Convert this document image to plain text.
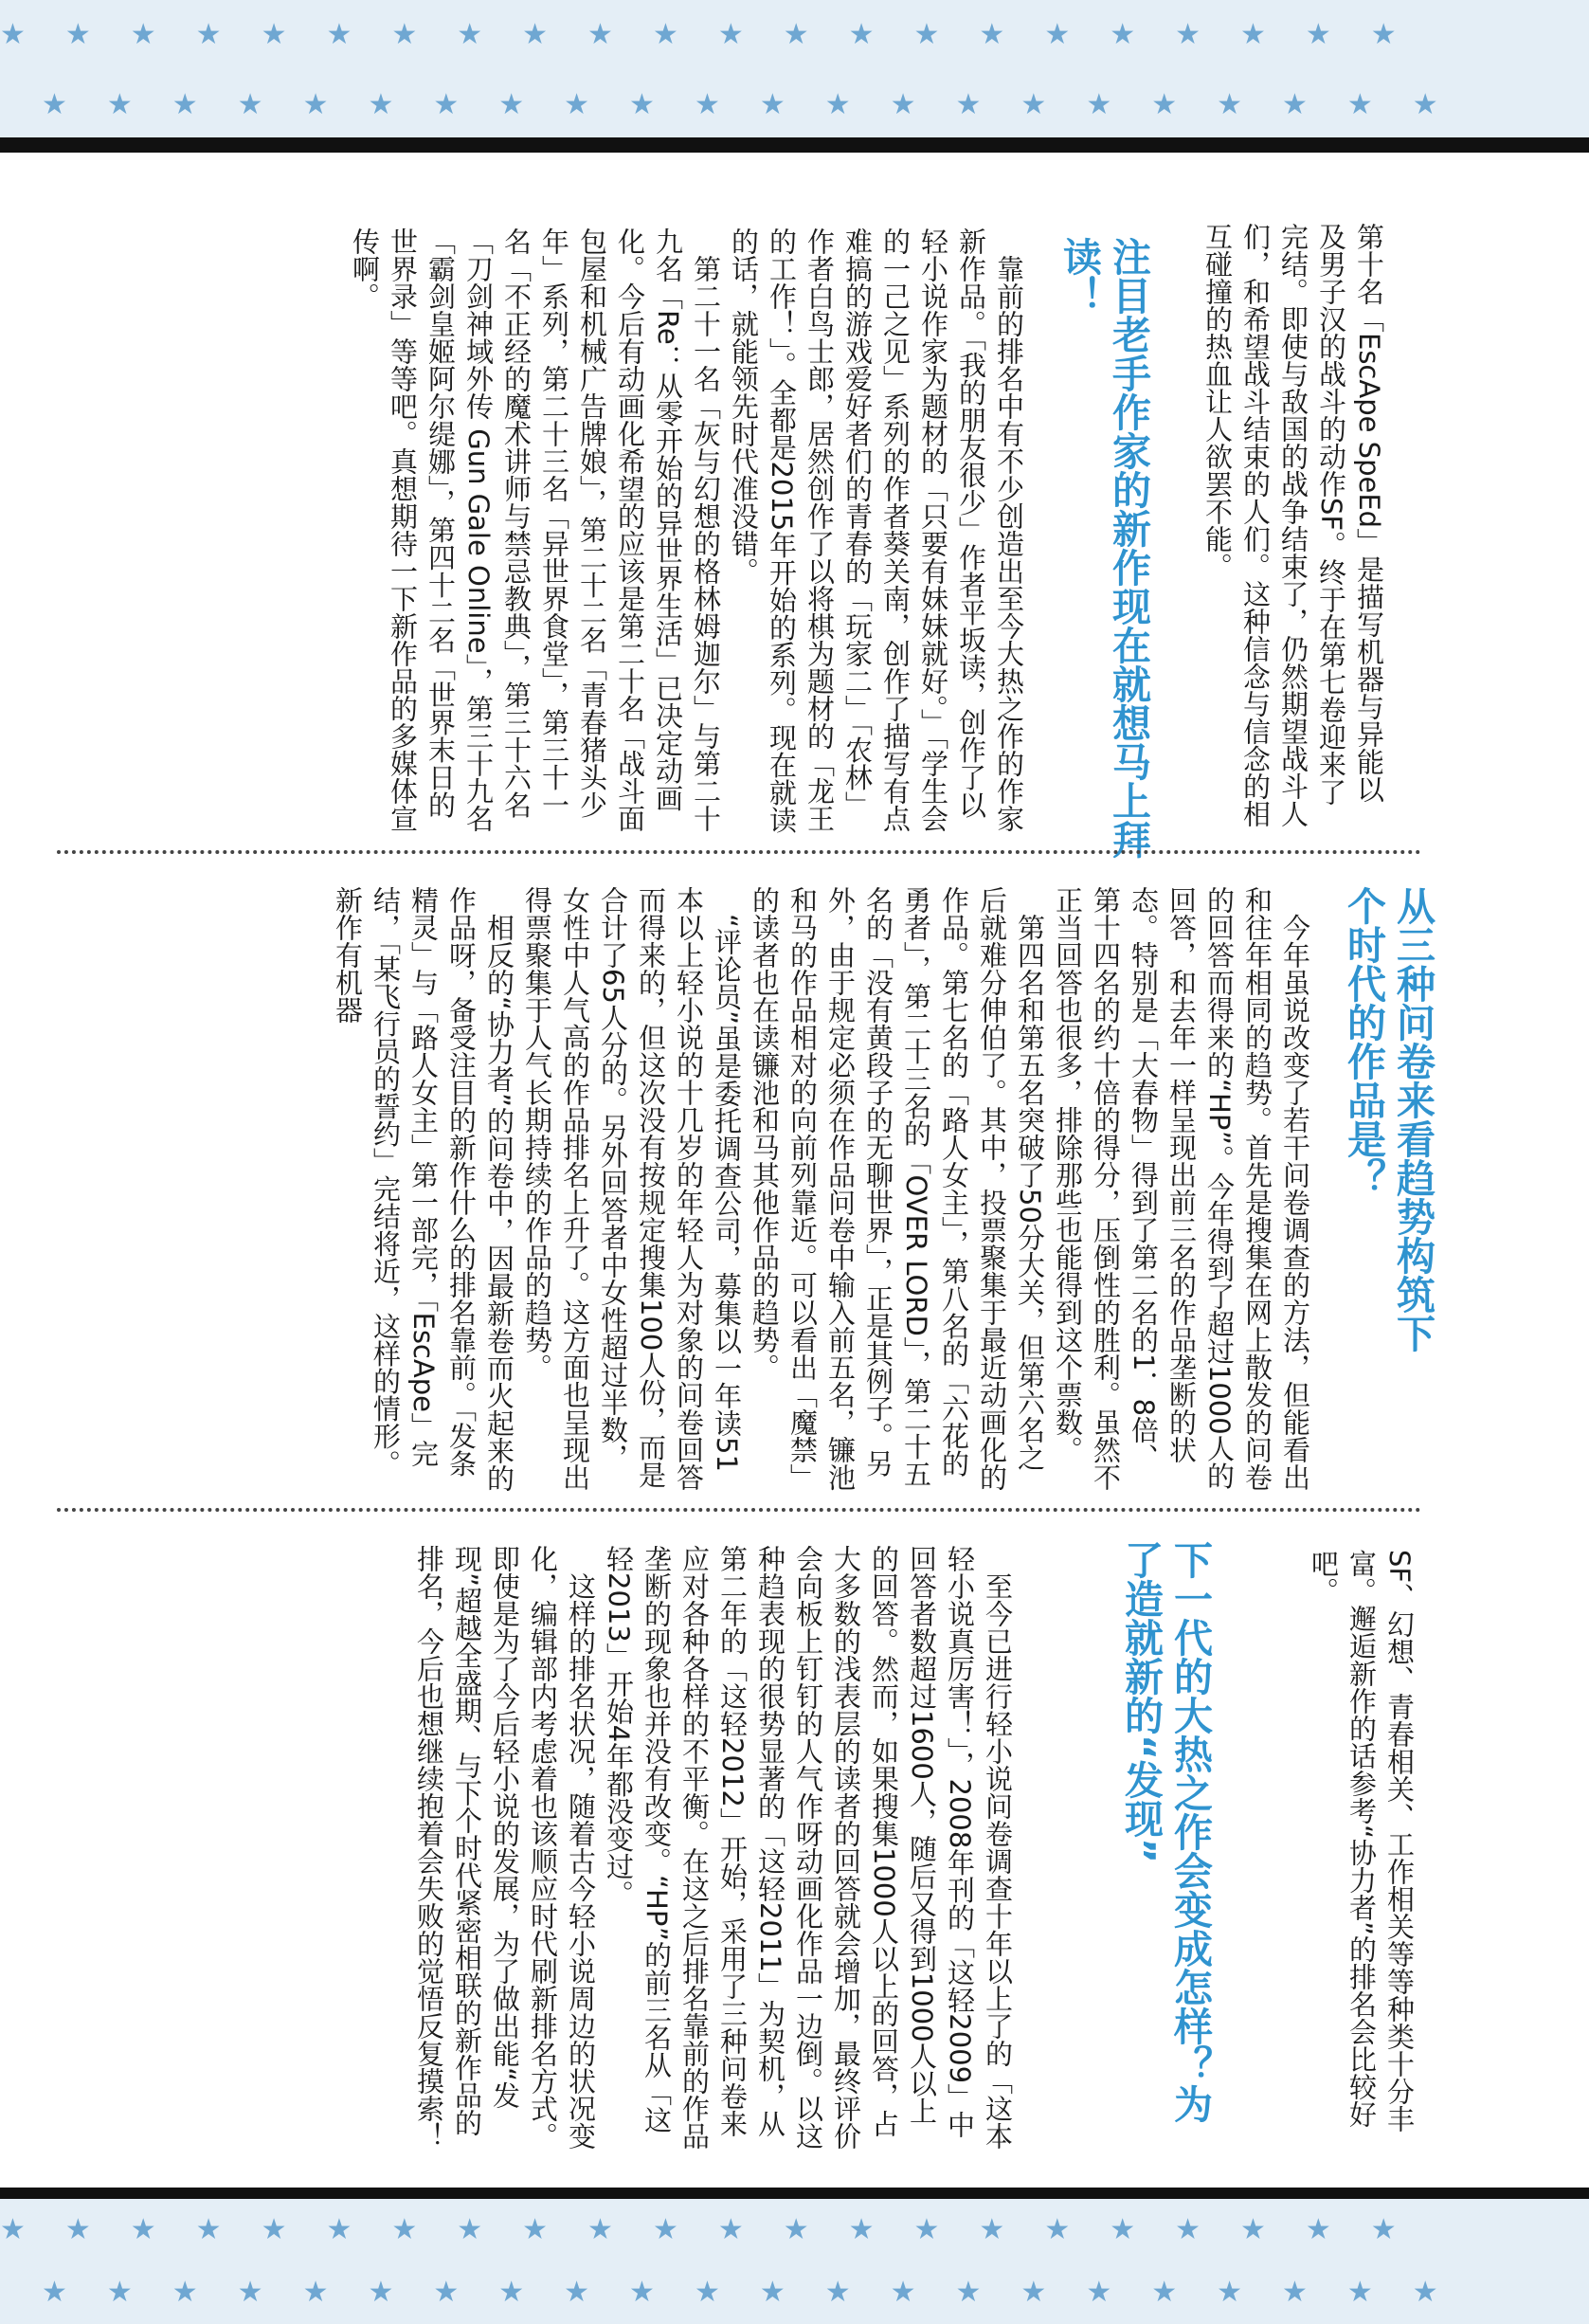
★★★★★★★★★★★★★★★★★★★★★★
★★★★★★★★★★★★★★★★★★★★★★

第十名「EscApe SpeEd」是描写机器与异能以及男子汉的战斗的动作SF。终于在第七卷迎来了完结。即使与敌国的战争结束了，仍然期望战斗人们，和希望战斗结束的人们。这种信念与信念的相互碰撞的热血让人欲罢不能。

注目老手作家的新作现在就想马上拜读！

靠前的排名中有不少创造出至今大热之作的作家新作品。「我的朋友很少」作者平坂读，创作了以轻小说作家为题材的「只要有妹妹就好。」「学生会的一己之见」系列的作者葵关南，创作了描写有点难搞的游戏爱好者们的青春的「玩家二」「农林」作者白鸟士郎，居然创作了以将棋为题材的「龙王的工作！」。全都是2015年开始的系列。现在就读的话，就能领先时代准没错。

第二十一名「灰与幻想的格林姆迦尔」与第二十九名「Re：从零开始的异世界生活」已决定动画化。今后有动画化希望的应该是第二十名「战斗面包屋和机械广告牌娘」，第二十二名「青春猪头少年」系列，第二十三名「异世界食堂」，第三十一名「不正经的魔术讲师与禁忌教典」，第三十六名「刀剑神域外传 Gun Gale Online」，第三十九名「霸剑皇姬阿尔缇娜」，第四十二名「世界末日的世界录」等等吧。真想期待一下新作品的多媒体宣传啊。

从三种问卷来看趋势构筑下个时代的作品是？

今年虽说改变了若干问卷调查的方法，但能看出和往年相同的趋势。首先是搜集在网上散发的问卷的回答而得来的“HP”。今年得到了超过1000人的回答，和去年一样呈现出前三名的作品垄断的状态。特别是「大春物」得到了第二名的1．8倍、第十四名的约十倍的得分，压倒性的胜利。虽然不正当回答也很多，排除那些也能得到这个票数。

第四名和第五名突破了50分大关，但第六名之后就难分伸伯了。其中，投票聚集于最近动画化的作品。第七名的「路人女主」，第八名的「六花的勇者」，第二十三名的「OVER LORD」，第二十五名的「没有黄段子的无聊世界」，正是其例子。另外，由于规定必须在作品问卷中输入前五名，镰池和马的作品相对的向前列靠近。可以看出「魔禁」的读者也在读镰池和马其他作品的趋势。

“评论员”虽是委托调查公司，募集以一年读51本以上轻小说的十几岁的年轻人为对象的问卷回答而得来的，但这次没有按规定搜集100人份，而是合计了65人分的。另外回答者中女性超过半数，女性中人气高的作品排名上升了。这方面也呈现出得票聚集于人气长期持续的作品的趋势。

相反的“协力者”的问卷中，因最新卷而火起来的作品呀，备受注目的新作什么的排名靠前。「发条精灵」与「路人女主」第一部完，「EscApe」完结，「某飞行员的誓约」完结将近，这样的情形。新作有机器

SF、幻想、青春相关、工作相关等等种类十分丰富。邂逅新作的话参考“协力者”的排名会比较好吧。

下一代的大热之作会变成怎样？为了造就新的“发现”

至今已进行轻小说问卷调查十年以上了的「这本轻小说真厉害！」，2008年刊的「这轻2009」中回答者数超过1600人，随后又得到1000人以上的回答。然而，如果搜集1000人以上的回答，占大多数的浅表层的读者的回答就会增加，最终评价会向板上钉钉的人气作呀动画化作品一边倒。以这种趋表现的很势显著的「这轻2011」为契机，从第二年的「这轻2012」开始，采用了三种问卷来应对各种各样的不平衡。在这之后排名靠前的作品垄断的现象也并没有改变。“HP”的前三名从「这轻2013」开始4年都没变过。

这样的排名状况，随着古今轻小说周边的状况变化，编辑部内考虑着也该顺应时代刷新排名方式。即使是为了今后轻小说的发展，为了做出能“发现”超越全盛期、与下个时代紧密相联的新作品的排名，今后也想继续抱着会失败的觉悟反复摸索！

★★★★★★★★★★★★★★★★★★★★★★
★★★★★★★★★★★★★★★★★★★★★★
